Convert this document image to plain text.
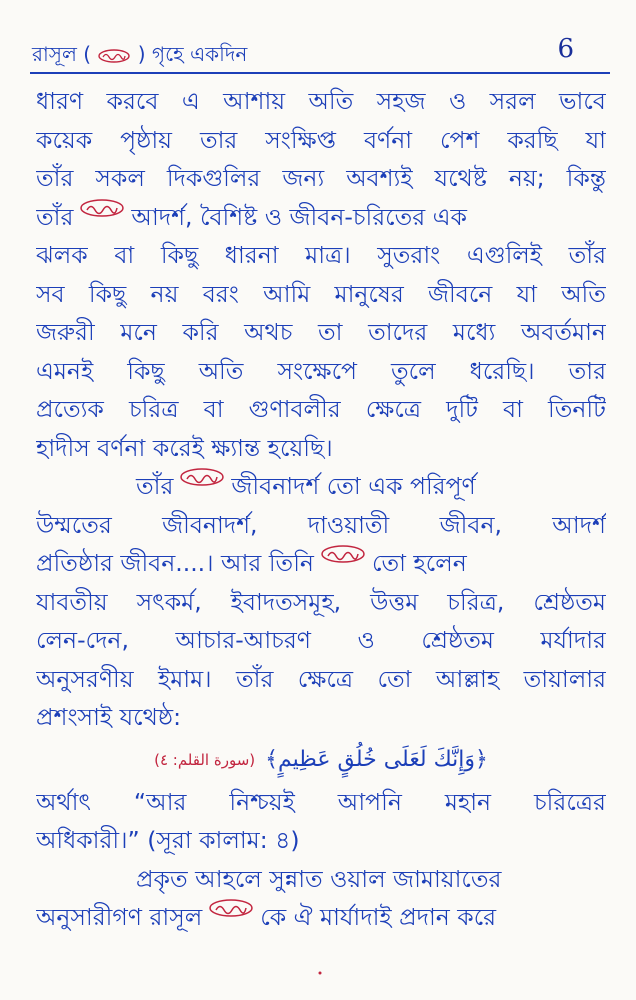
রাসূল ( ) গৃহে একদিন	6
ধারণ করবে এ আশায় অতি সহজ ও সরল ভাবে
কয়েক পৃষ্ঠায় তার সংক্ষিপ্ত বর্ণনা পেশ করছি যা
তাঁর সকল দিকগুলির জন্য অবশ্যই যথেষ্ট নয়; কিন্তু
তাঁর আদর্শ, বৈশিষ্ট ও জীবন-চরিতের এক
ঝলক বা কিছু ধারনা মাত্র। সুতরাং এগুলিই তাঁর
সব কিছু নয় বরং আমি মানুষের জীবনে যা অতি
জরুরী মনে করি অথচ তা তাদের মধ্যে অবর্তমান
এমনই কিছু অতি সংক্ষেপে তুলে ধরেছি। তার
প্রত্যেক চরিত্র বা গুণাবলীর ক্ষেত্রে দুটি বা তিনটি
হাদীস বর্ণনা করেই ক্ষ্যান্ত হয়েছি।
তাঁর জীবনাদর্শ তো এক পরিপূর্ণ
উম্মতের জীবনাদর্শ, দাওয়াতী জীবন, আদর্শ
প্রতিষ্ঠার জীবন....। আর তিনি তো হলেন
যাবতীয় সৎকর্ম, ইবাদতসমূহ, উত্তম চরিত্র, শ্রেষ্ঠতম
লেন-দেন, আচার-আচরণ ও শ্রেষ্ঠতম মর্যাদার
অনুসরণীয় ইমাম। তাঁর ক্ষেত্রে তো আল্লাহ তায়ালার
প্রশংসাই যথেষ্ঠ:
﴿وَإِنَّكَ لَعَلَى خُلُقٍ عَظِيمٍ﴾
(سورة القلم: ٤)
অর্থাৎ “আর নিশ্চয়ই আপনি মহান চরিত্রের
অধিকারী।” (সূরা কালাম: ৪)
প্রকৃত আহলে সুন্নাত ওয়াল জামায়াতের
অনুসারীগণ রাসূল কে ঐ মার্যাদাই প্রদান করে
